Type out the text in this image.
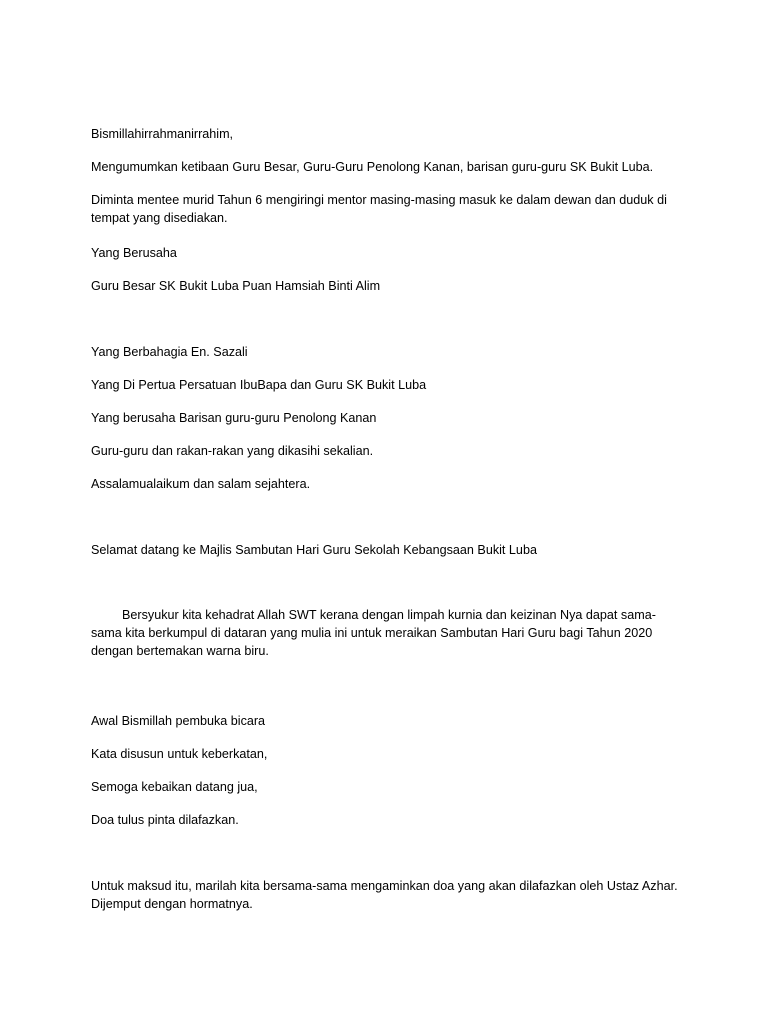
Bismillahirrahmanirrahim,
Mengumumkan ketibaan Guru Besar, Guru-Guru Penolong Kanan, barisan guru-guru SK Bukit Luba.
Diminta mentee murid Tahun 6 mengiringi mentor masing-masing masuk ke dalam dewan dan duduk di tempat yang disediakan.
Yang Berusaha
Guru Besar SK Bukit Luba Puan Hamsiah Binti Alim
Yang Berbahagia En. Sazali
Yang Di Pertua Persatuan IbuBapa dan Guru SK Bukit Luba
Yang berusaha Barisan guru-guru Penolong Kanan
Guru-guru dan rakan-rakan yang dikasihi sekalian.
Assalamualaikum dan salam sejahtera.
Selamat datang ke Majlis Sambutan Hari Guru Sekolah Kebangsaan Bukit Luba
Bersyukur kita kehadrat Allah SWT kerana dengan limpah kurnia dan keizinan Nya dapat sama-sama kita berkumpul di dataran yang mulia ini untuk meraikan Sambutan Hari Guru bagi Tahun 2020 dengan bertemakan warna biru.
Awal Bismillah pembuka bicara
Kata disusun untuk keberkatan,
Semoga kebaikan datang jua,
Doa tulus pinta dilafazkan.
Untuk maksud itu, marilah kita bersama-sama mengaminkan doa yang akan dilafazkan oleh Ustaz Azhar. Dijemput dengan hormatnya.
